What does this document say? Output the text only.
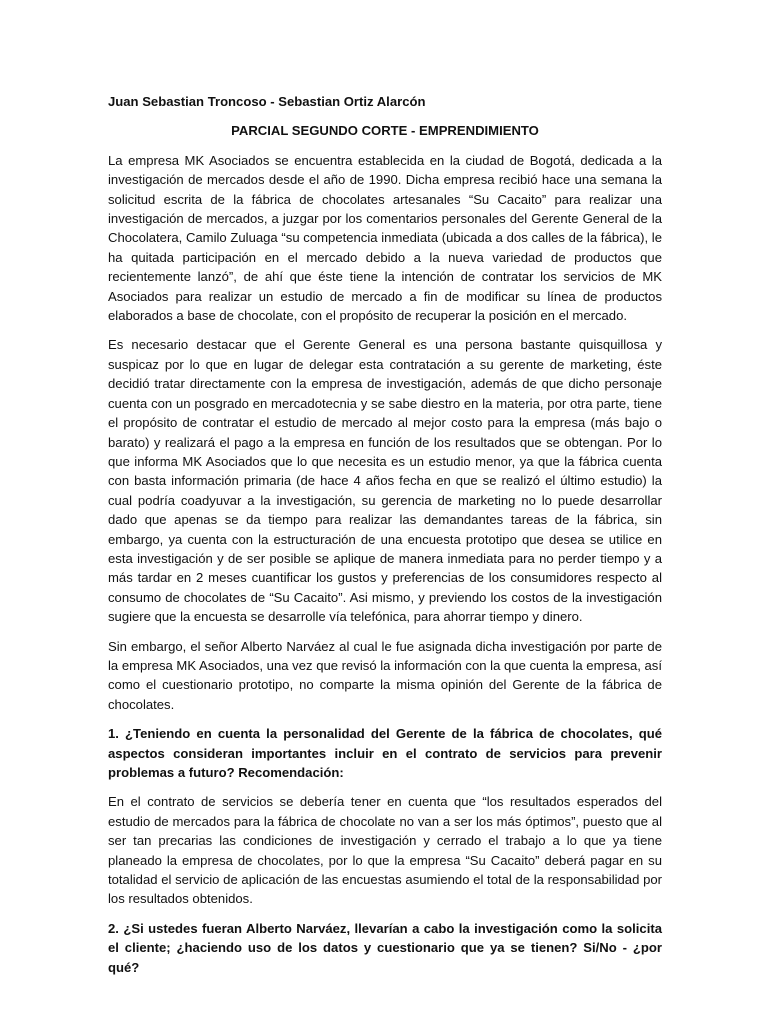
Juan Sebastian Troncoso - Sebastian Ortiz Alarcón
PARCIAL SEGUNDO CORTE - EMPRENDIMIENTO

La empresa MK Asociados se encuentra establecida en la ciudad de Bogotá, dedicada a la investigación de mercados desde el año de 1990. Dicha empresa recibió hace una semana la solicitud escrita de la fábrica de chocolates artesanales “Su Cacaito” para realizar una investigación de mercados, a juzgar por los comentarios personales del Gerente General de la Chocolatera, Camilo Zuluaga “su competencia inmediata (ubicada a dos calles de la fábrica), le ha quitada participación en el mercado debido a la nueva variedad de productos que recientemente lanzó”, de ahí que éste tiene la intención de contratar los servicios de MK Asociados para realizar un estudio de mercado a fin de modificar su línea de productos elaborados a base de chocolate, con el propósito de recuperar la posición en el mercado.

Es necesario destacar que el Gerente General es una persona bastante quisquillosa y suspicaz por lo que en lugar de delegar esta contratación a su gerente de marketing, éste decidió tratar directamente con la empresa de investigación, además de que dicho personaje cuenta con un posgrado en mercadotecnia y se sabe diestro en la materia, por otra parte, tiene el propósito de contratar el estudio de mercado al mejor costo para la empresa (más bajo o barato) y realizará el pago a la empresa en función de los resultados que se obtengan. Por lo que informa MK Asociados que lo que necesita es un estudio menor, ya que la fábrica cuenta con basta información primaria (de hace 4 años fecha en que se realizó el último estudio) la cual podría coadyuvar a la investigación, su gerencia de marketing no lo puede desarrollar dado que apenas se da tiempo para realizar las demandantes tareas de la fábrica, sin embargo, ya cuenta con la estructuración de una encuesta prototipo que desea se utilice en esta investigación y de ser posible se aplique de manera inmediata para no perder tiempo y a más tardar en 2 meses cuantificar los gustos y preferencias de los consumidores respecto al consumo de chocolates de “Su Cacaito”. Asi mismo, y previendo los costos de la investigación sugiere que la encuesta se desarrolle vía telefónica, para ahorrar tiempo y dinero.

Sin embargo, el señor Alberto Narváez al cual le fue asignada dicha investigación por parte de la empresa MK Asociados, una vez que revisó la información con la que cuenta la empresa, así como el cuestionario prototipo, no comparte la misma opinión del Gerente de la fábrica de chocolates.

1. ¿Teniendo en cuenta la personalidad del Gerente de la fábrica de chocolates, qué aspectos consideran importantes incluir en el contrato de servicios para prevenir problemas a futuro? Recomendación:
En el contrato de servicios se debería tener en cuenta que “los resultados esperados del estudio de mercados para la fábrica de chocolate no van a ser los más óptimos”, puesto que al ser tan precarias las condiciones de investigación y cerrado el trabajo a lo que ya tiene planeado la empresa de chocolates, por lo que la empresa “Su Cacaito” deberá pagar en su totalidad el servicio de aplicación de las encuestas asumiendo el total de la responsabilidad por los resultados obtenidos.
2. ¿Si ustedes fueran Alberto Narváez, llevarían a cabo la investigación como la solicita el cliente; ¿haciendo uso de los datos y cuestionario que ya se tienen? Si/No - ¿por qué?
